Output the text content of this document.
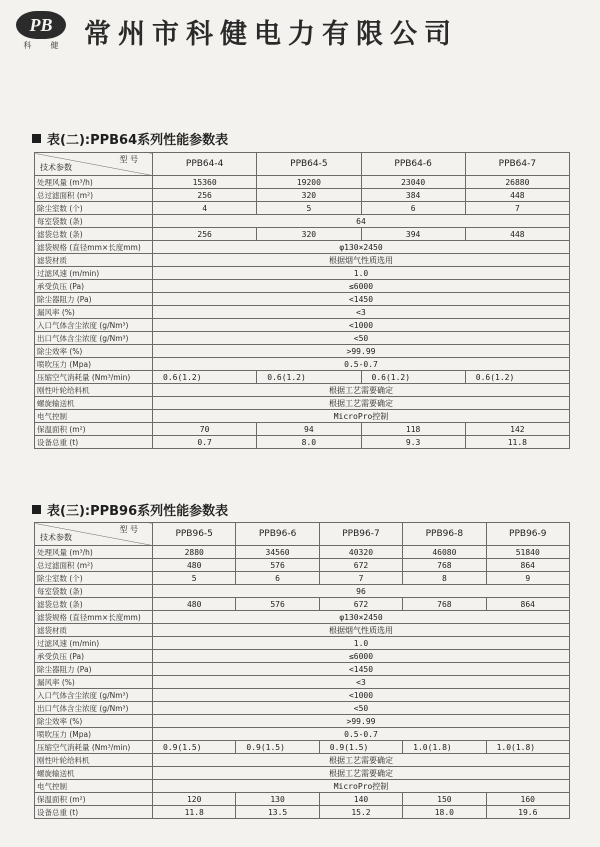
PB
科 健 常州市科健电力有限公司
表(二):PPB64系列性能参数表
型 号
技术参数	PPB64-4	PPB64-5	PPB64-6	PPB64-7
处理风量 (m³/h)	15360	19200	23040	26880
总过滤面积 (m²)	256	320	384	448
除尘室数 (个)	4	5	6	7
每室袋数 (条)	64			
滤袋总数 (条)	256	320	394	448
滤袋规格 (直径mm×长度mm)	φ130×2450			
滤袋材质	根据烟气性质选用			
过滤风速 (m/min)	1.0			
承受负压 (Pa)	≤6000			
除尘器阻力 (Pa)	<1450			
漏风率 (%)	<3			
入口气体含尘浓度 (g/Nm³)	<1000			
出口气体含尘浓度 (g/Nm³)	<50			
除尘效率 (%)	>99.99			
喷吹压力 (Mpa)	0.5-0.7			
压缩空气消耗量 (Nm³/min)	0.6(1.2)	0.6(1.2)	0.6(1.2)	0.6(1.2)
刚性叶轮给料机	根据工艺需要确定			
螺旋输送机	根据工艺需要确定			
电气控制	MicroPro控制			
保温面积 (m²)	70	94	118	142
设备总重 (t)	0.7	8.0	9.3	11.8
表(三):PPB96系列性能参数表
型 号
技术参数	PPB96-5	PPB96-6	PPB96-7	PPB96-8	PPB96-9
处理风量 (m³/h)	2880	34560	40320	46080	51840
总过滤面积 (m²)	480	576	672	768	864
除尘室数 (个)	5	6	7	8	9
每室袋数 (条)	96				
滤袋总数 (条)	480	576	672	768	864
滤袋规格 (直径mm×长度mm)	φ130×2450				
滤袋材质	根据烟气性质选用				
过滤风速 (m/min)	1.0				
承受负压 (Pa)	≤6000				
除尘器阻力 (Pa)	<1450				
漏风率 (%)	<3				
入口气体含尘浓度 (g/Nm³)	<1000				
出口气体含尘浓度 (g/Nm³)	<50				
除尘效率 (%)	>99.99				
喷吹压力 (Mpa)	0.5-0.7				
压缩空气消耗量 (Nm³/min)	0.9(1.5)	0.9(1.5)	0.9(1.5)	1.0(1.8)	1.0(1.8)
刚性叶轮给料机	根据工艺需要确定				
螺旋输送机	根据工艺需要确定				
电气控制	MicroPro控制				
保温面积 (m²)	120	130	140	150	160
设备总重 (t)	11.8	13.5	15.2	18.0	19.6
